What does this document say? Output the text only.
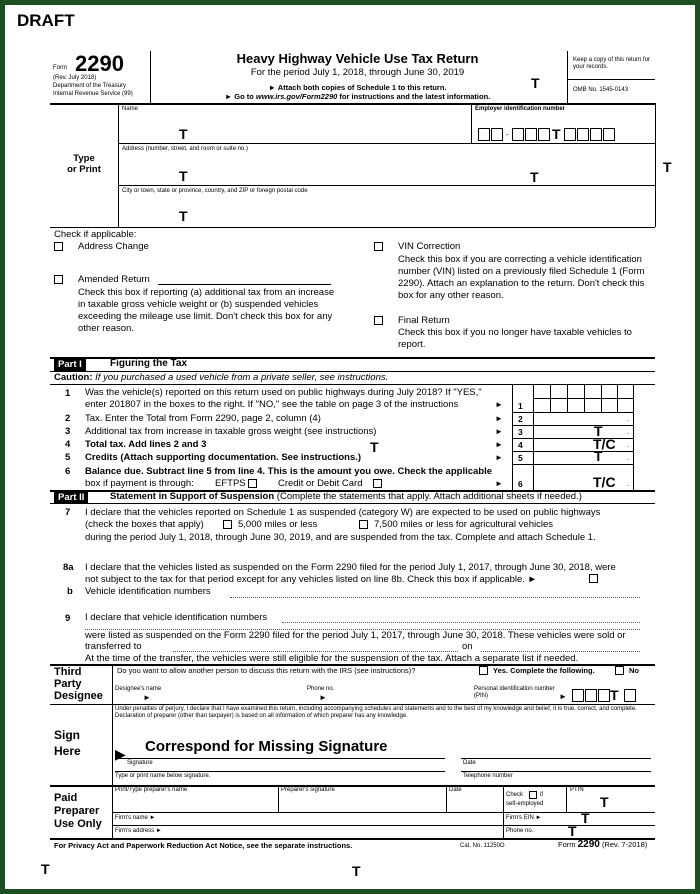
DRAFT
Form 2290
(Rev. July 2018)
Department of the Treasury
Internal Revenue Service (99)
Heavy Highway Vehicle Use Tax Return
For the period July 1, 2018, through June 30, 2019
► Attach both copies of Schedule 1 to this return.
► Go to www.irs.gov/Form2290 for instructions and the latest information.
T
Keep a copy of this return for your records.
OMB No. 1545-0143
Type
or Print
Name
T
Employer identification number
-	T
Address (number, street, and room or suite no.)
T	T
T
City or town, state or province, country, and ZIP or foreign postal code
T
Check if applicable:
Address Change
Amended Return
Check this box if reporting (a) additional tax from an increase in taxable gross vehicle weight or (b) suspended vehicles exceeding the mileage use limit. Don't check this box for any other reason.
VIN Correction
Check this box if you are correcting a vehicle identification number (VIN) listed on a previously filed Schedule 1 (Form 2290). Attach an explanation to the return. Don't check this box for any other reason.
Final Return
Check this box if you no longer have taxable vehicles to report.
Part I	Figuring the Tax
Caution: If you purchased a used vehicle from a private seller, see instructions.
1 Was the vehicle(s) reported on this return used on public highways during July 2018? If "YES,"
enter 201807 in the boxes to the right. If "NO," see the table on page 3 of the instructions	► 1
2 Tax. Enter the Total from Form 2290, page 2, column (4)	► 2	.
3 Additional tax from increase in taxable gross weight (see instructions)	► 3	T	.
4 Total tax. Add lines 2 and 3	T	► 4	T/C .
5 Credits (Attach supporting documentation. See instructions.)	► 5	T	.
6 Balance due. Subtract line 5 from line 4. This is the amount you owe. Check the applicable
box if payment is through: EFTPS	Credit or Debit Card	► 6	T/C .
Part II	Statement in Support of Suspension (Complete the statements that apply. Attach additional sheets if needed.)
7 I declare that the vehicles reported on Schedule 1 as suspended (category W) are expected to be used on public highways
(check the boxes that apply)	5,000 miles or less	7,500 miles or less for agricultural vehicles
during the period July 1, 2018, through June 30, 2019, and are suspended from the tax. Complete and attach Schedule 1.
8a I declare that the vehicles listed as suspended on the Form 2290 filed for the period July 1, 2017, through June 30, 2018, were
not subject to the tax for that period except for any vehicles listed on line 8b. Check this box if applicable. ►
b Vehicle identification numbers
9 I declare that vehicle identification numbers
were listed as suspended on the Form 2290 filed for the period July 1, 2017, through June 30, 2018. These vehicles were sold or
transferred to	on
At the time of the transfer, the vehicles were still eligible for the suspension of the tax. Attach a separate list if needed.
Third
Party
Designee
Do you want to allow another person to discuss this return with the IRS (see instructions)?	Yes. Complete the following.	No
Designee's name
►
Phone no.
►
Personal identification number (PIN)	►	T
Sign
Here
Under penalties of perjury, I declare that I have examined this return, including accompanying schedules and statements and to the best of my knowledge and belief, it is true, correct, and complete. Declaration of preparer (other than taxpayer) is based on all information of which preparer has any knowledge.
▶ Correspond for Missing Signature
Signature	Date
Type or print name below signature.	Telephone number
Paid
Preparer
Use Only
Print/Type preparer's name	Preparer's signature	Date
Check	if
self-employed
PTIN
T
Firm's name ►	Firm's EIN ►	T
Firm's address ►	Phone no. T
For Privacy Act and Paperwork Reduction Act Notice, see the separate instructions.	Cat. No. 11250O	Form 2290 (Rev. 7-2018)
T	T
